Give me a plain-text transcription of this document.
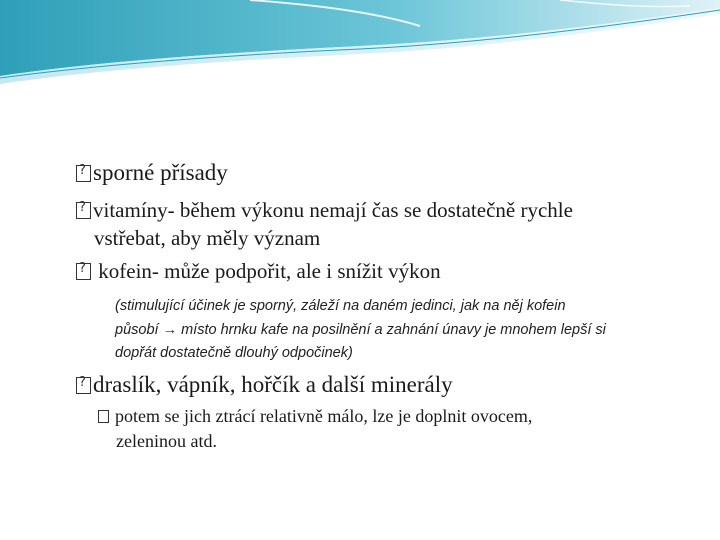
?sporné přísady
?vitamíny- během výkonu nemají čas se dostatečně rychle
vstřebat, aby měly význam
? kofein- může podpořit, ale i snížit výkon
(stimulující účinek je sporný, záleží na daném jedinci, jak na něj kofein
působí → místo hrnku kafe na posilnění a zahnání únavy je mnohem lepší si
dopřát dostatečně dlouhý odpočinek)
?draslík, vápník, hořčík a další minerály
potem se jich ztrácí relativně málo, lze je doplnit ovocem,
zeleninou atd.
